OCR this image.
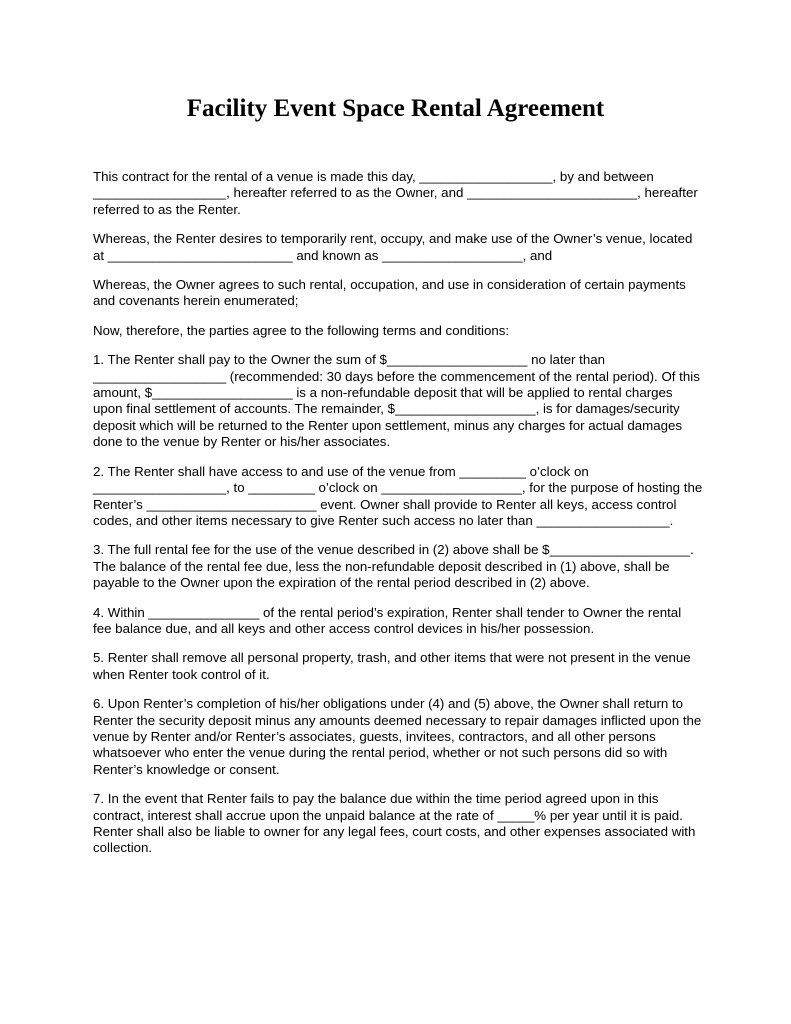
Facility Event Space Rental Agreement

This contract for the rental of a venue is made this day, __________________, by and between __________________, hereafter referred to as the Owner, and _______________________, hereafter referred to as the Renter.

Whereas, the Renter desires to temporarily rent, occupy, and make use of the Owner’s venue, located at _________________________ and known as ___________________, and

Whereas, the Owner agrees to such rental, occupation, and use in consideration of certain payments and covenants herein enumerated;

Now, therefore, the parties agree to the following terms and conditions:

1. The Renter shall pay to the Owner the sum of $___________________ no later than __________________ (recommended: 30 days before the commencement of the rental period). Of this amount, $___________________ is a non-refundable deposit that will be applied to rental charges upon final settlement of accounts. The remainder, $___________________, is for damages/security deposit which will be returned to the Renter upon settlement, minus any charges for actual damages done to the venue by Renter or his/her associates.

2. The Renter shall have access to and use of the venue from _________ o’clock on __________________, to _________ o’clock on ___________________, for the purpose of hosting the Renter’s _______________________ event. Owner shall provide to Renter all keys, access control codes, and other items necessary to give Renter such access no later than __________________.

3. The full rental fee for the use of the venue described in (2) above shall be $___________________. The balance of the rental fee due, less the non-refundable deposit described in (1) above, shall be payable to the Owner upon the expiration of the rental period described in (2) above.

4. Within _______________ of the rental period’s expiration, Renter shall tender to Owner the rental fee balance due, and all keys and other access control devices in his/her possession.

5. Renter shall remove all personal property, trash, and other items that were not present in the venue when Renter took control of it.

6. Upon Renter’s completion of his/her obligations under (4) and (5) above, the Owner shall return to Renter the security deposit minus any amounts deemed necessary to repair damages inflicted upon the venue by Renter and/or Renter’s associates, guests, invitees, contractors, and all other persons whatsoever who enter the venue during the rental period, whether or not such persons did so with Renter’s knowledge or consent.

7. In the event that Renter fails to pay the balance due within the time period agreed upon in this contract, interest shall accrue upon the unpaid balance at the rate of _____% per year until it is paid. Renter shall also be liable to owner for any legal fees, court costs, and other expenses associated with collection.
